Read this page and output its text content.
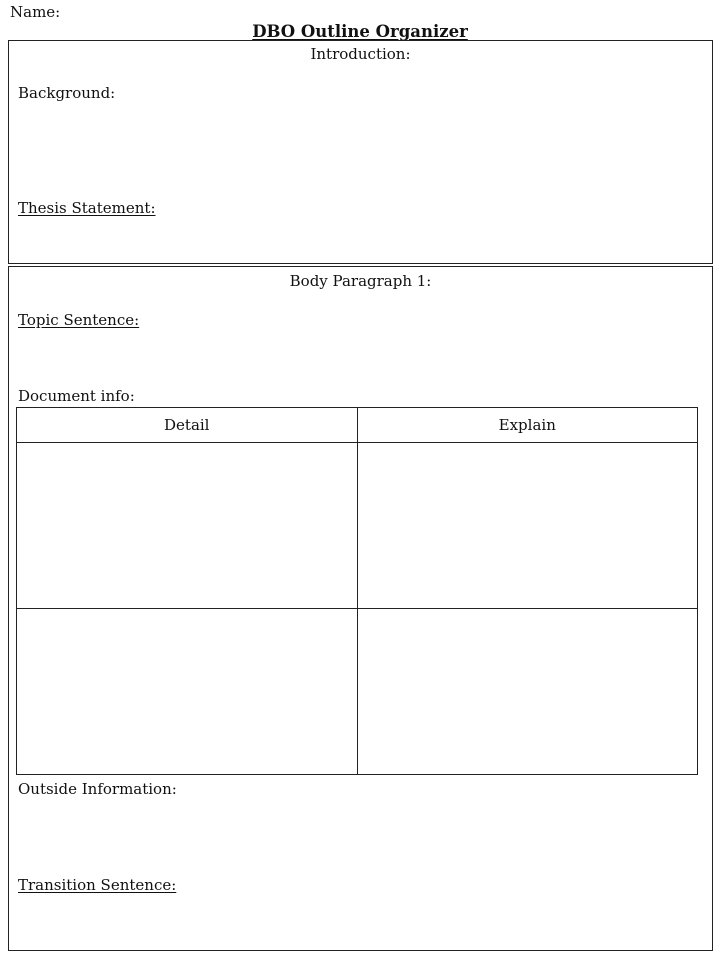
Name:
DBO Outline Organizer
Introduction:
Background:
Thesis Statement:
Body Paragraph 1:
Topic Sentence:
Document info:
Detail	Explain

Outside Information:
Transition Sentence:
